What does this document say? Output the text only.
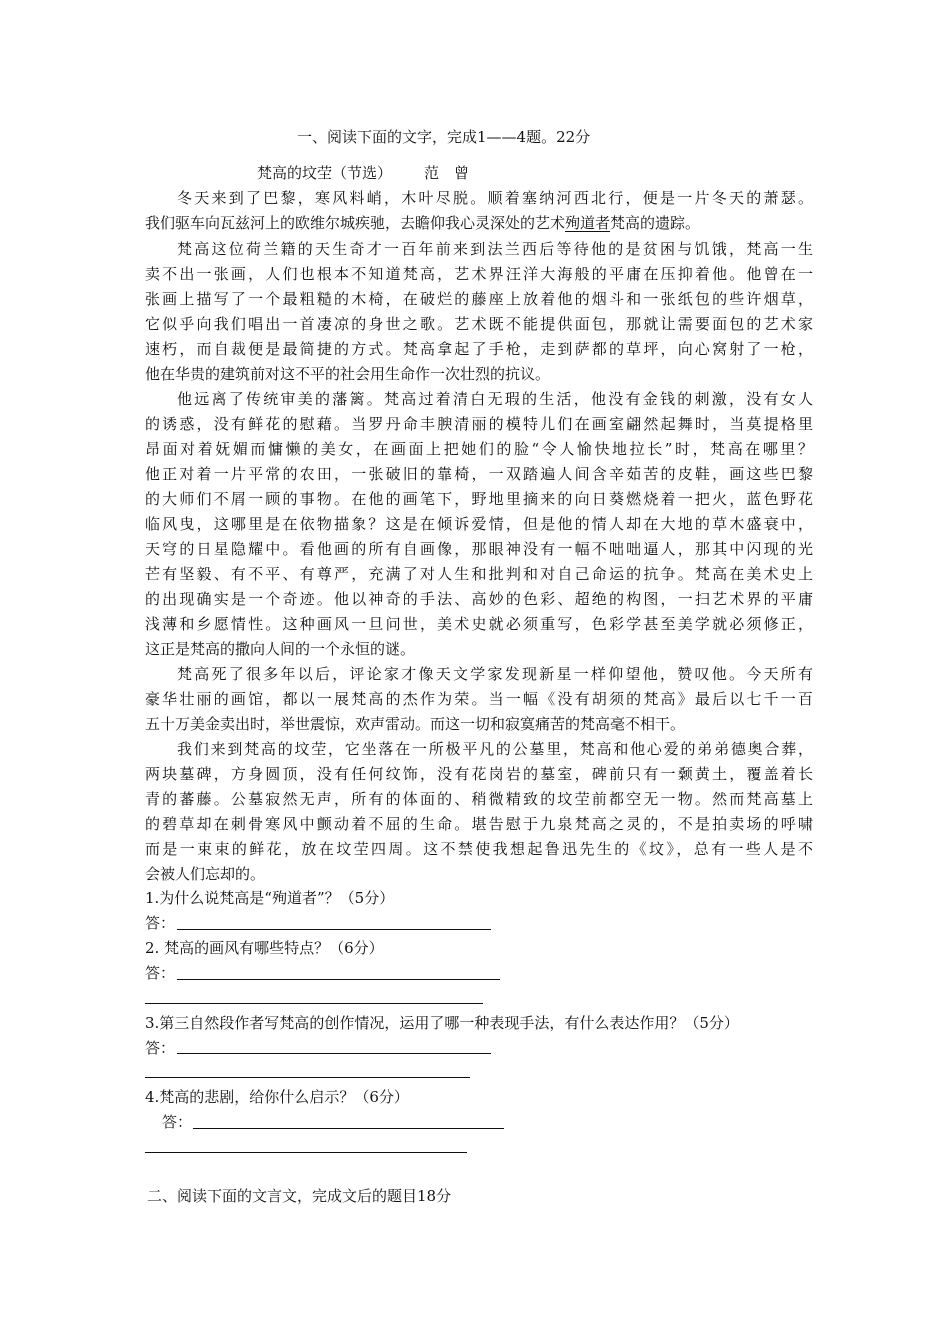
一、阅读下面的文字，完成1——4题。22分
梵高的坟茔（节选） 范　曾
冬天来到了巴黎，寒风料峭，木叶尽脱。顺着塞纳河西北行，便是一片冬天的萧瑟。
我们驱车向瓦兹河上的欧维尔城疾驰，去瞻仰我心灵深处的艺术殉道者梵高的遗踪。
梵高这位荷兰籍的天生奇才一百年前来到法兰西后等待他的是贫困与饥饿，梵高一生
卖不出一张画，人们也根本不知道梵高，艺术界汪洋大海般的平庸在压抑着他。他曾在一
张画上描写了一个最粗糙的木椅，在破烂的藤座上放着他的烟斗和一张纸包的些许烟草，
它似乎向我们唱出一首凄凉的身世之歌。艺术既不能提供面包，那就让需要面包的艺术家
速朽，而自裁便是最简捷的方式。梵高拿起了手枪，走到萨都的草坪，向心窝射了一枪，
他在华贵的建筑前对这不平的社会用生命作一次壮烈的抗议。
他远离了传统审美的藩篱。梵高过着清白无瑕的生活，他没有金钱的刺激，没有女人
的诱惑，没有鲜花的慰藉。当罗丹命丰腴清丽的模特儿们在画室翩然起舞时，当莫提格里
昂面对着妩媚而慵懒的美女，在画面上把她们的脸“令人愉快地拉长”时，梵高在哪里？
他正对着一片平常的农田，一张破旧的靠椅，一双踏遍人间含辛茹苦的皮鞋，画这些巴黎
的大师们不屑一顾的事物。在他的画笔下，野地里摘来的向日葵燃烧着一把火，蓝色野花
临风曳，这哪里是在依物描象？这是在倾诉爱情，但是他的情人却在大地的草木盛衰中，
天穹的日星隐耀中。看他画的所有自画像，那眼神没有一幅不咄咄逼人，那其中闪现的光
芒有坚毅、有不平、有尊严，充满了对人生和批判和对自己命运的抗争。梵高在美术史上
的出现确实是一个奇迹。他以神奇的手法、高妙的色彩、超绝的构图，一扫艺术界的平庸
浅薄和乡愿情性。这种画风一旦问世，美术史就必须重写，色彩学甚至美学就必须修正，
这正是梵高的撒向人间的一个永恒的谜。
梵高死了很多年以后，评论家才像天文学家发现新星一样仰望他，赞叹他。今天所有
豪华壮丽的画馆，都以一展梵高的杰作为荣。当一幅《没有胡须的梵高》最后以七千一百
五十万美金卖出时，举世震惊，欢声雷动。而这一切和寂寞痛苦的梵高毫不相干。
我们来到梵高的坟茔，它坐落在一所极平凡的公墓里，梵高和他心爱的弟弟德奥合葬，
两块墓碑，方身圆顶，没有任何纹饰，没有花岗岩的墓室，碑前只有一颡黄土，覆盖着长
青的蕃藤。公墓寂然无声，所有的体面的、稍微精致的坟茔前都空无一物。然而梵高墓上
的碧草却在刺骨寒风中颤动着不屈的生命。堪告慰于九泉梵高之灵的，不是拍卖场的呼啸
而是一束束的鲜花，放在坟茔四周。这不禁使我想起鲁迅先生的《坟》，总有一些人是不
会被人们忘却的。
1.为什么说梵高是“殉道者”？（5分）
答：
2. 梵高的画风有哪些特点？（6分）
答：
3.第三自然段作者写梵高的创作情况，运用了哪一种表现手法，有什么表达作用？（5分）
答：
4.梵高的悲剧，给你什么启示？（6分）
答：
二、阅读下面的文言文，完成文后的题目18分
